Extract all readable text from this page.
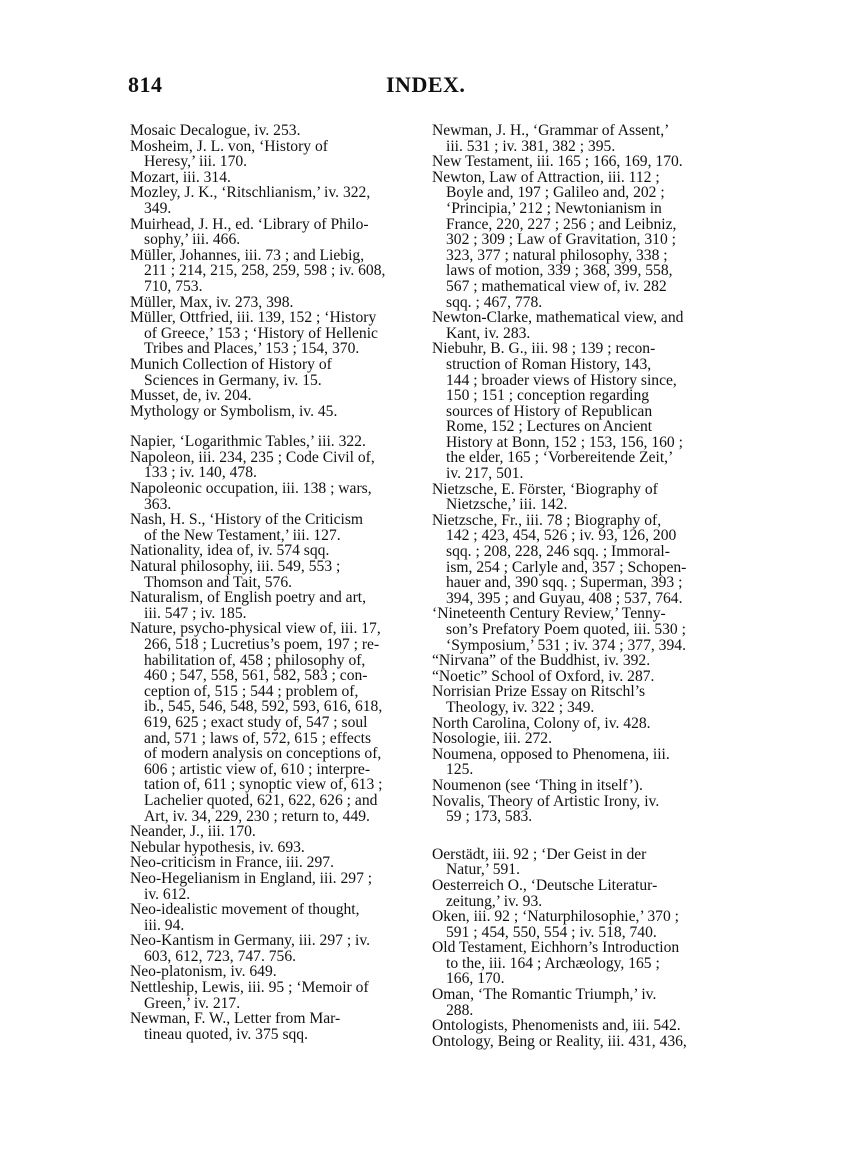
814	INDEX.
Mosaic Decalogue, iv. 253.
Mosheim, J. L. von, ‘History of
Heresy,’ iii. 170.
Mozart, iii. 314.
Mozley, J. K., ‘Ritschlianism,’ iv. 322,
349.
Muirhead, J. H., ed. ‘Library of Philo-
sophy,’ iii. 466.
Müller, Johannes, iii. 73 ; and Liebig,
211 ; 214, 215, 258, 259, 598 ; iv. 608,
710, 753.
Müller, Max, iv. 273, 398.
Müller, Ottfried, iii. 139, 152 ; ‘History
of Greece,’ 153 ; ‘History of Hellenic
Tribes and Places,’ 153 ; 154, 370.
Munich Collection of History of
Sciences in Germany, iv. 15.
Musset, de, iv. 204.
Mythology or Symbolism, iv. 45.
Napier, ‘Logarithmic Tables,’ iii. 322.
Napoleon, iii. 234, 235 ; Code Civil of,
133 ; iv. 140, 478.
Napoleonic occupation, iii. 138 ; wars,
363.
Nash, H. S., ‘History of the Criticism
of the New Testament,’ iii. 127.
Nationality, idea of, iv. 574 sqq.
Natural philosophy, iii. 549, 553 ;
Thomson and Tait, 576.
Naturalism, of English poetry and art,
iii. 547 ; iv. 185.
Nature, psycho-physical view of, iii. 17,
266, 518 ; Lucretius’s poem, 197 ; re-
habilitation of, 458 ; philosophy of,
460 ; 547, 558, 561, 582, 583 ; con-
ception of, 515 ; 544 ; problem of,
ib., 545, 546, 548, 592, 593, 616, 618,
619, 625 ; exact study of, 547 ; soul
and, 571 ; laws of, 572, 615 ; effects
of modern analysis on conceptions of,
606 ; artistic view of, 610 ; interpre-
tation of, 611 ; synoptic view of, 613 ;
Lachelier quoted, 621, 622, 626 ; and
Art, iv. 34, 229, 230 ; return to, 449.
Neander, J., iii. 170.
Nebular hypothesis, iv. 693.
Neo-criticism in France, iii. 297.
Neo-Hegelianism in England, iii. 297 ;
iv. 612.
Neo-idealistic movement of thought,
iii. 94.
Neo-Kantism in Germany, iii. 297 ; iv.
603, 612, 723, 747. 756.
Neo-platonism, iv. 649.
Nettleship, Lewis, iii. 95 ; ‘Memoir of
Green,’ iv. 217.
Newman, F. W., Letter from Mar-
tineau quoted, iv. 375 sqq.
Newman, J. H., ‘Grammar of Assent,’
iii. 531 ; iv. 381, 382 ; 395.
New Testament, iii. 165 ; 166, 169, 170.
Newton, Law of Attraction, iii. 112 ;
Boyle and, 197 ; Galileo and, 202 ;
‘Principia,’ 212 ; Newtonianism in
France, 220, 227 ; 256 ; and Leibniz,
302 ; 309 ; Law of Gravitation, 310 ;
323, 377 ; natural philosophy, 338 ;
laws of motion, 339 ; 368, 399, 558,
567 ; mathematical view of, iv. 282
sqq. ; 467, 778.
Newton-Clarke, mathematical view, and
Kant, iv. 283.
Niebuhr, B. G., iii. 98 ; 139 ; recon-
struction of Roman History, 143,
144 ; broader views of History since,
150 ; 151 ; conception regarding
sources of History of Republican
Rome, 152 ; Lectures on Ancient
History at Bonn, 152 ; 153, 156, 160 ;
the elder, 165 ; ‘Vorbereitende Zeit,’
iv. 217, 501.
Nietzsche, E. Förster, ‘Biography of
Nietzsche,’ iii. 142.
Nietzsche, Fr., iii. 78 ; Biography of,
142 ; 423, 454, 526 ; iv. 93, 126, 200
sqq. ; 208, 228, 246 sqq. ; Immoral-
ism, 254 ; Carlyle and, 357 ; Schopen-
hauer and, 390 sqq. ; Superman, 393 ;
394, 395 ; and Guyau, 408 ; 537, 764.
‘Nineteenth Century Review,’ Tenny-
son’s Prefatory Poem quoted, iii. 530 ;
‘Symposium,’ 531 ; iv. 374 ; 377, 394.
“Nirvana” of the Buddhist, iv. 392.
“Noetic” School of Oxford, iv. 287.
Norrisian Prize Essay on Ritschl’s
Theology, iv. 322 ; 349.
North Carolina, Colony of, iv. 428.
Nosologie, iii. 272.
Noumena, opposed to Phenomena, iii.
125.
Noumenon (see ‘Thing in itself’).
Novalis, Theory of Artistic Irony, iv.
59 ; 173, 583.
Oerstädt, iii. 92 ; ‘Der Geist in der
Natur,’ 591.
Oesterreich O., ‘Deutsche Literatur-
zeitung,’ iv. 93.
Oken, iii. 92 ; ‘Naturphilosophie,’ 370 ;
591 ; 454, 550, 554 ; iv. 518, 740.
Old Testament, Eichhorn’s Introduction
to the, iii. 164 ; Archæology, 165 ;
166, 170.
Oman, ‘The Romantic Triumph,’ iv.
288.
Ontologists, Phenomenists and, iii. 542.
Ontology, Being or Reality, iii. 431, 436,
